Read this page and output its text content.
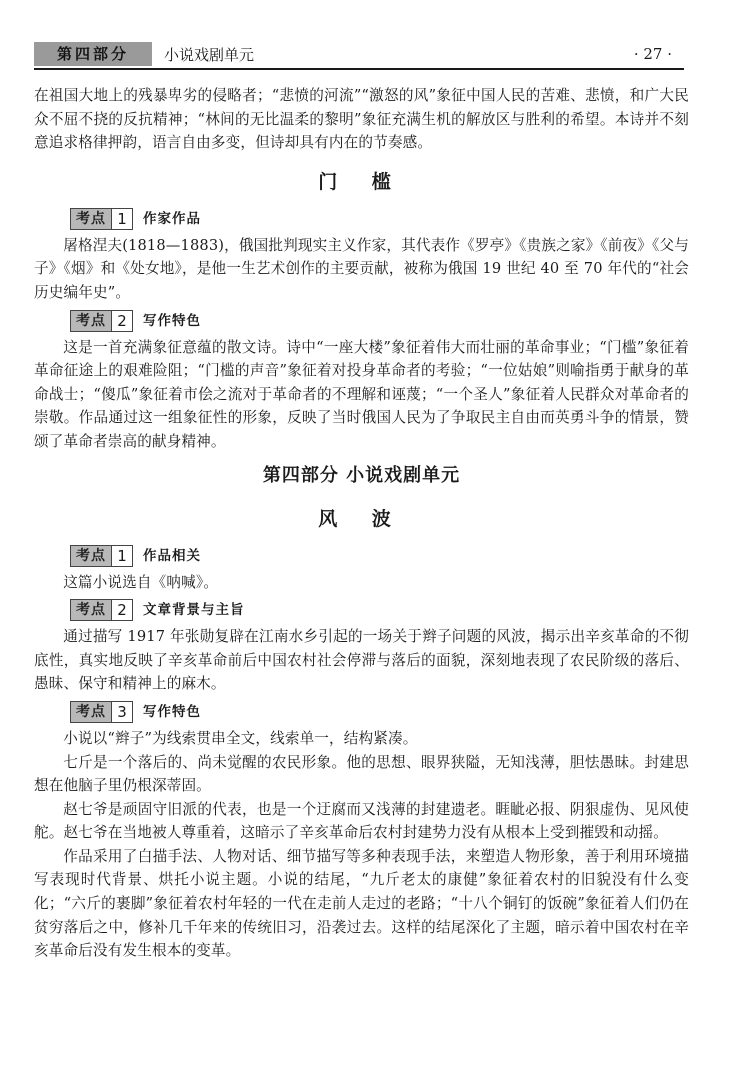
第四部分	小说戏剧单元	· 27 ·

在祖国大地上的残暴卑劣的侵略者；“悲愤的河流”“激怒的风”象征中国人民的苦难、悲愤，和广大民众不屈不挠的反抗精神；“林间的无比温柔的黎明”象征充满生机的解放区与胜利的希望。本诗并不刻意追求格律押韵，语言自由多变，但诗却具有内在的节奏感。

门 槛
考点 1	作家作品

屠格涅夫(1818—1883)，俄国批判现实主义作家，其代表作《罗亭》《贵族之家》《前夜》《父与子》《烟》和《处女地》，是他一生艺术创作的主要贡献，被称为俄国 19 世纪 40 至 70 年代的“社会历史编年史”。

考点 2	写作特色

这是一首充满象征意蕴的散文诗。诗中“一座大楼”象征着伟大而壮丽的革命事业；“门槛”象征着革命征途上的艰难险阻；“门槛的声音”象征着对投身革命者的考验；“一位姑娘”则喻指勇于献身的革命战士；“傻瓜”象征着市侩之流对于革命者的不理解和诬蔑；“一个圣人”象征着人民群众对革命者的崇敬。作品通过这一组象征性的形象，反映了当时俄国人民为了争取民主自由而英勇斗争的情景，赞颂了革命者崇高的献身精神。

第四部分 小说戏剧单元
风 波
考点 1	作品相关

这篇小说选自《呐喊》。

考点 2	文章背景与主旨

通过描写 1917 年张勋复辟在江南水乡引起的一场关于辫子问题的风波，揭示出辛亥革命的不彻底性，真实地反映了辛亥革命前后中国农村社会停滞与落后的面貌，深刻地表现了农民阶级的落后、愚昧、保守和精神上的麻木。

考点 3	写作特色

小说以“辫子”为线索贯串全文，线索单一，结构紧凑。

七斤是一个落后的、尚未觉醒的农民形象。他的思想、眼界狭隘，无知浅薄，胆怯愚昧。封建思想在他脑子里仍根深蒂固。

赵七爷是顽固守旧派的代表，也是一个迂腐而又浅薄的封建遗老。睚眦必报、阴狠虚伪、见风使舵。赵七爷在当地被人尊重着，这暗示了辛亥革命后农村封建势力没有从根本上受到摧毁和动摇。

作品采用了白描手法、人物对话、细节描写等多种表现手法，来塑造人物形象，善于利用环境描写表现时代背景、烘托小说主题。小说的结尾，“九斤老太的康健”象征着农村的旧貌没有什么变化；“六斤的裹脚”象征着农村年轻的一代在走前人走过的老路；“十八个铜钉的饭碗”象征着人们仍在贫穷落后之中，修补几千年来的传统旧习，沿袭过去。这样的结尾深化了主题，暗示着中国农村在辛亥革命后没有发生根本的变革。
